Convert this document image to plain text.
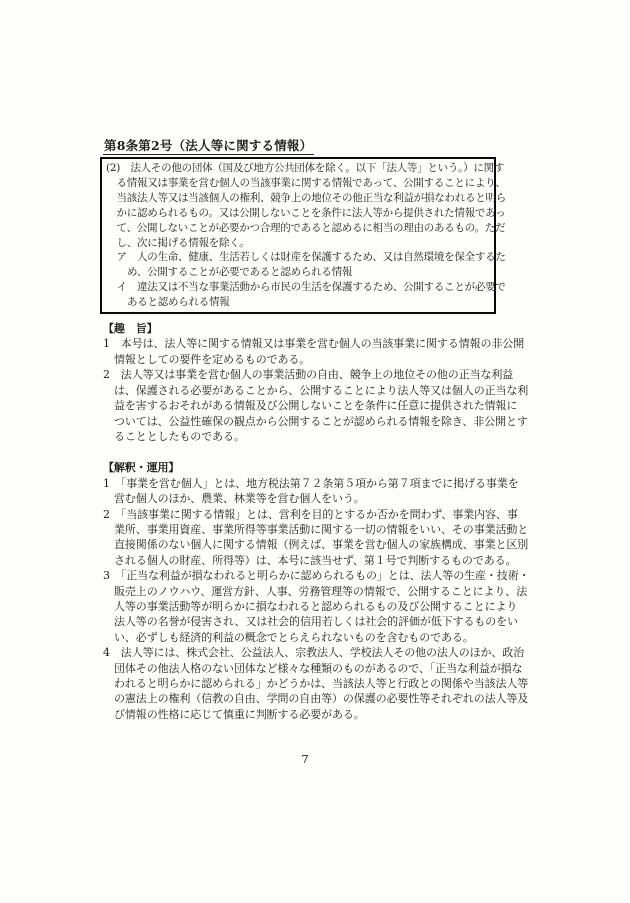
第8条第2号（法人等に関する情報）
(2)　法人その他の団体（国及び地方公共団体を除く。以下「法人等」という。）に関す
る情報又は事業を営む個人の当該事業に関する情報であって、公開することにより、
当該法人等又は当該個人の権利、競争上の地位その他正当な利益が損なわれると明ら
かに認められるもの。又は公開しないことを条件に法人等から提供された情報であっ
て、公開しないことが必要かつ合理的であると認めるに相当の理由のあるもの。ただ
し、次に掲げる情報を除く。
ア　人の生命、健康、生活若しくは財産を保護するため、又は自然環境を保全するた
め、公開することが必要であると認められる情報
イ　違法又は不当な事業活動から市民の生活を保護するため、公開することが必要で
あると認められる情報
【趣　旨】
1　本号は、法人等に関する情報又は事業を営む個人の当該事業に関する情報の非公開
情報としての要件を定めるものである。
2　法人等又は事業を営む個人の事業活動の自由、競争上の地位その他の正当な利益
は、保護される必要があることから、公開することにより法人等又は個人の正当な利
益を害するおそれがある情報及び公開しないことを条件に任意に提供された情報に
ついては、公益性確保の観点から公開することが認められる情報を除き、非公開とす
ることとしたものである。
【解釈・運用】
1　「事業を営む個人」とは、地方税法第７２条第５項から第７項までに掲げる事業を
営む個人のほか、農業、林業等を営む個人をいう。
2　「当該事業に関する情報」とは、営利を目的とするか否かを問わず、事業内容、事
業所、事業用資産、事業所得等事業活動に関する一切の情報をいい、その事業活動と
直接関係のない個人に関する情報（例えば、事業を営む個人の家族構成、事業と区別
される個人の財産、所得等）は、本号に該当せず、第１号で判断するものである。
3　「正当な利益が損なわれると明らかに認められるもの」とは、法人等の生産・技術・
販売上のノウハウ、運営方針、人事、労務管理等の情報で、公開することにより、法
人等の事業活動等が明らかに損なわれると認められるもの及び公開することにより
法人等の名誉が侵害され、又は社会的信用若しくは社会的評価が低下するものをい
い、必ずしも経済的利益の概念でとらえられないものを含むものである。
4　法人等には、株式会社、公益法人、宗教法人、学校法人その他の法人のほか、政治
団体その他法人格のない団体など様々な種類のものがあるので、「正当な利益が損な
われると明らかに認められる」かどうかは、当該法人等と行政との関係や当該法人等
の憲法上の権利（信教の自由、学問の自由等）の保護の必要性等それぞれの法人等及
び情報の性格に応じて慎重に判断する必要がある。
7
